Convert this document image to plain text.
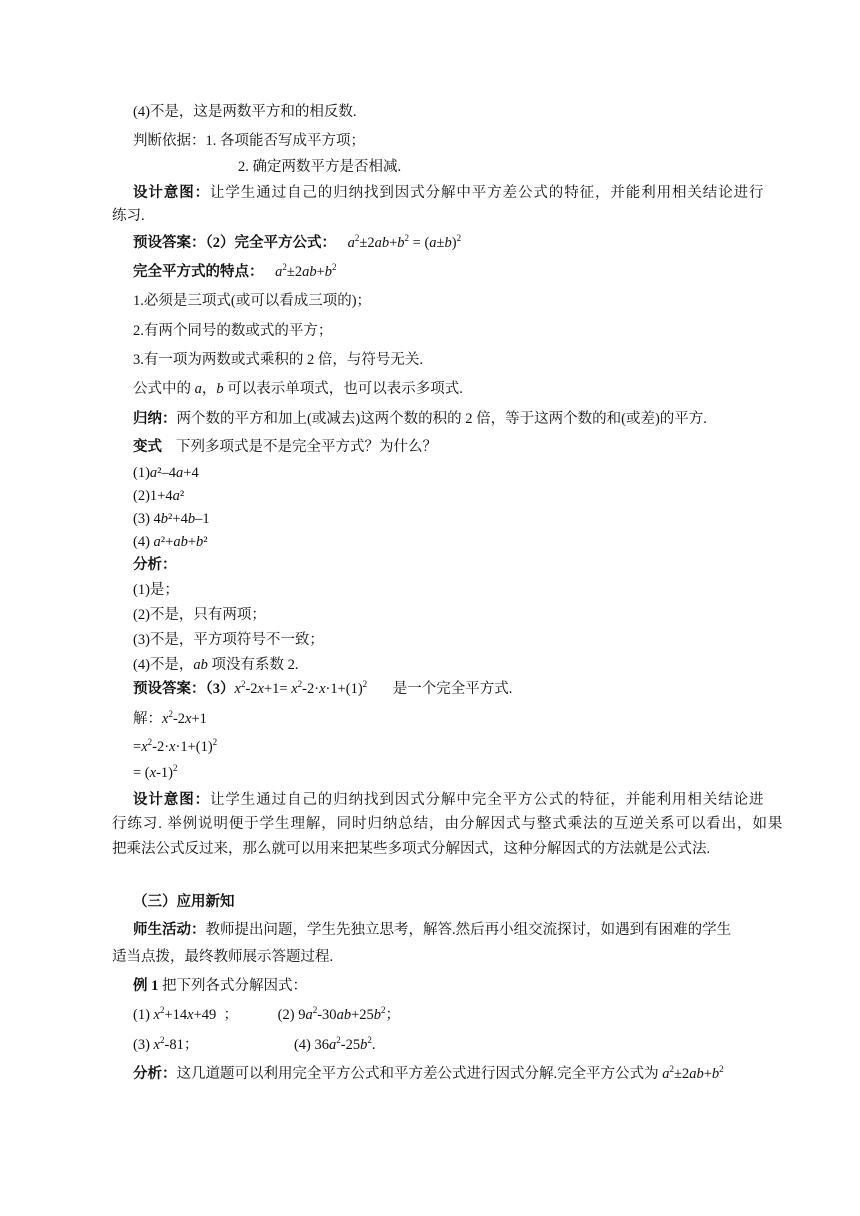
(4)不是，这是两数平方和的相反数.
判断依据：1. 各项能否写成平方项；
2. 确定两数平方是否相减.
设计意图：让学生通过自己的归纳找到因式分解中平方差公式的特征，并能利用相关结论进行
练习.
预设答案：（2）完全平方公式： $a^2\pm 2ab+b^2 = (a\pm b)^2$
完全平方式的特点： $a^2\pm 2ab+b^2$
1.必须是三项式(或可以看成三项的)；
2.有两个同号的数或式的平方；
3.有一项为两数或式乘积的 2 倍，与符号无关.
公式中的 a，b 可以表示单项式，也可以表示多项式.
归纳：两个数的平方和加上(或减去)这两个数的积的 2 倍，等于这两个数的和(或差)的平方.
变式 下列多项式是不是完全平方式？为什么？
(1)a²–4a+4
(2)1+4a²
(3) 4b²+4b–1
(4) a²+ab+b²
分析：
(1)是；
(2)不是，只有两项；
(3)不是，平方项符号不一致；
(4)不是，ab 项没有系数 2.
预设答案：$(3)x^2-2x+1= x^2-2\cdot x\cdot 1+(1)^2$ 是一个完全平方式.
解：$x^2-2x+1$
$=x^2-2\cdot x\cdot 1+(1)^2$
= $(x-1)^2$
设计意图：让学生通过自己的归纳找到因式分解中完全平方公式的特征，并能利用相关结论进
行练习. 举例说明便于学生理解，同时归纳总结，由分解因式与整式乘法的互逆关系可以看出，如果
把乘法公式反过来，那么就可以用来把某些多项式分解因式，这种分解因式的方法就是公式法.
（三）应用新知
师生活动：教师提出问题，学生先独立思考，解答.然后再小组交流探讨，如遇到有困难的学生
适当点拨，最终教师展示答题过程.
例 1 把下列各式分解因式：
(1) $x^2+14x+49$  ； (2) $9a^2-30ab+25b^2$；
(3) $x^2-81$；	(4) $36a^2-25b^2$.
分析：这几道题可以利用完全平方公式和平方差公式进行因式分解.完全平方公式为 $a^2\pm 2ab+b^2$
